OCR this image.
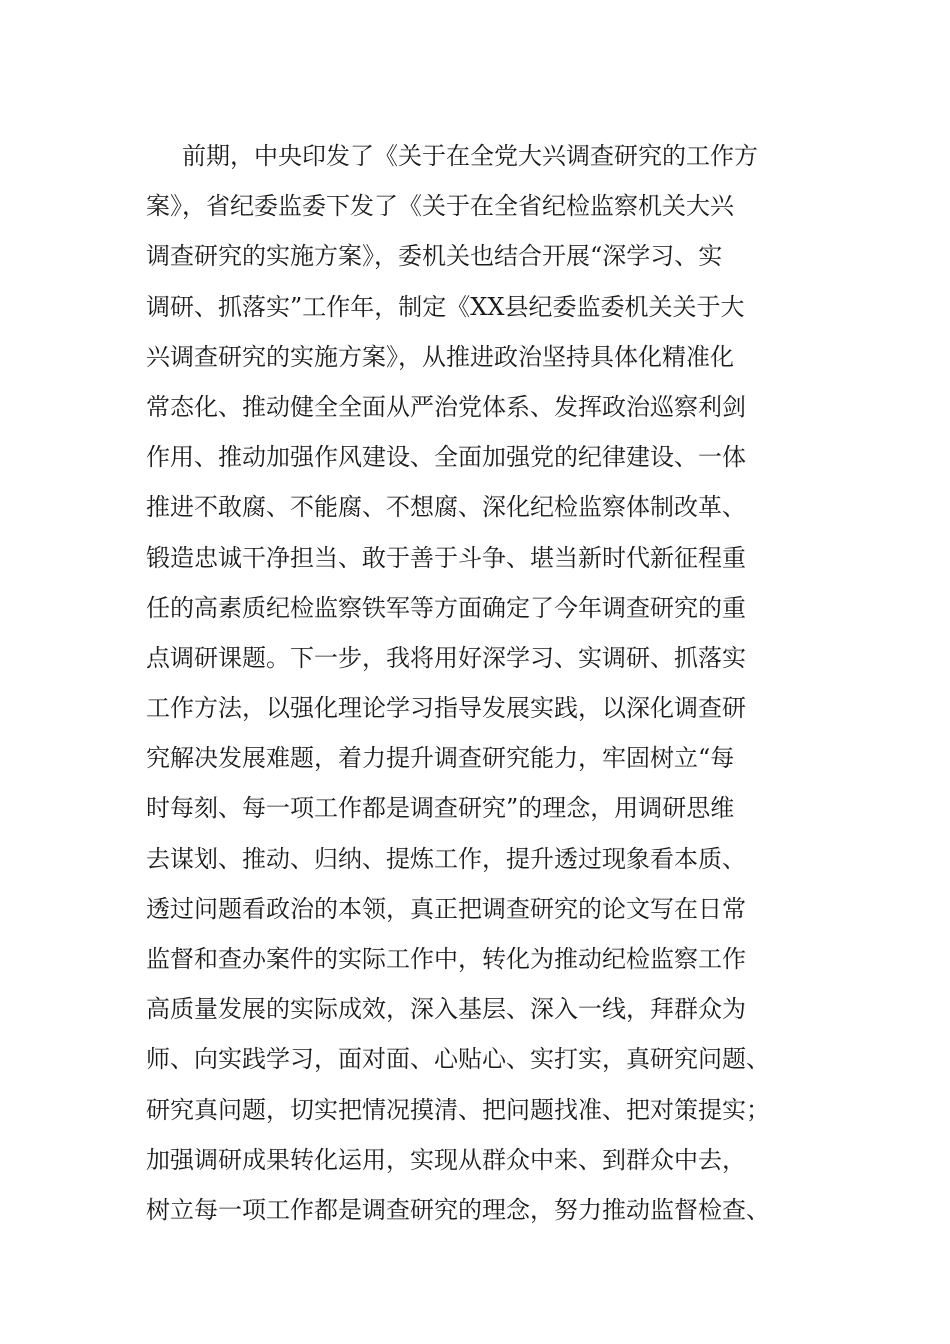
前期，中央印发了《关于在全党大兴调查研究的工作方
案》，省纪委监委下发了《关于在全省纪检监察机关大兴
调查研究的实施方案》，委机关也结合开展“深学习、实
调研、抓落实”工作年，制定《XX县纪委监委机关关于大
兴调查研究的实施方案》，从推进政治坚持具体化精准化
常态化、推动健全全面从严治党体系、发挥政治巡察利剑
作用、推动加强作风建设、全面加强党的纪律建设、一体
推进不敢腐、不能腐、不想腐、深化纪检监察体制改革、
锻造忠诚干净担当、敢于善于斗争、堪当新时代新征程重
任的高素质纪检监察铁军等方面确定了今年调查研究的重
点调研课题。下一步，我将用好深学习、实调研、抓落实
工作方法，以强化理论学习指导发展实践，以深化调查研
究解决发展难题，着力提升调查研究能力，牢固树立“每
时每刻、每一项工作都是调查研究”的理念，用调研思维
去谋划、推动、归纳、提炼工作，提升透过现象看本质、
透过问题看政治的本领，真正把调查研究的论文写在日常
监督和查办案件的实际工作中，转化为推动纪检监察工作
高质量发展的实际成效，深入基层、深入一线，拜群众为
师、向实践学习，面对面、心贴心、实打实，真研究问题、
研究真问题，切实把情况摸清、把问题找准、把对策提实；
加强调研成果转化运用，实现从群众中来、到群众中去，
树立每一项工作都是调查研究的理念，努力推动监督检查、
